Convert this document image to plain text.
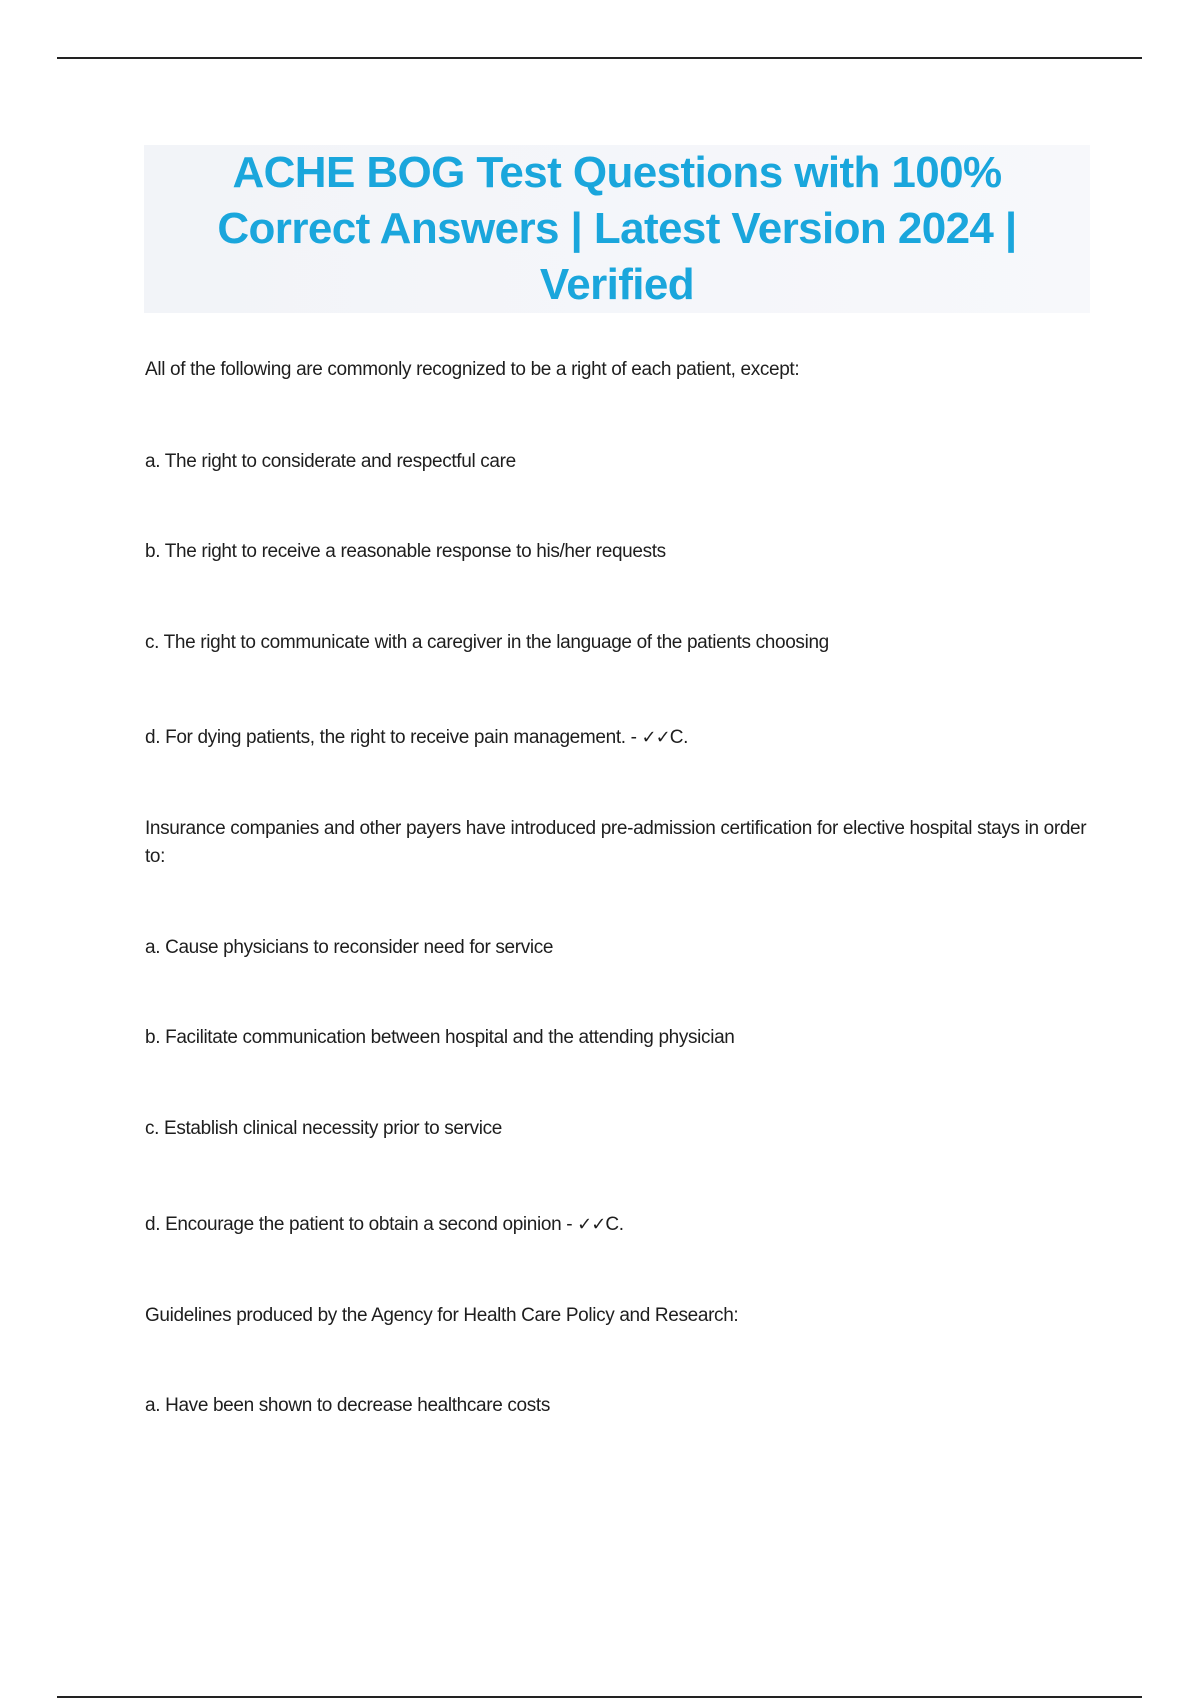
ACHE BOG Test Questions with 100% Correct Answers | Latest Version 2024 | Verified

All of the following are commonly recognized to be a right of each patient, except:

a. The right to considerate and respectful care

b. The right to receive a reasonable response to his/her requests

c. The right to communicate with a caregiver in the language of the patients choosing

d. For dying patients, the right to receive pain management. - ✓✓C.

Insurance companies and other payers have introduced pre-admission certification for elective hospital stays in order to:

a. Cause physicians to reconsider need for service

b. Facilitate communication between hospital and the attending physician

c. Establish clinical necessity prior to service

d. Encourage the patient to obtain a second opinion - ✓✓C.

Guidelines produced by the Agency for Health Care Policy and Research:

a. Have been shown to decrease healthcare costs
